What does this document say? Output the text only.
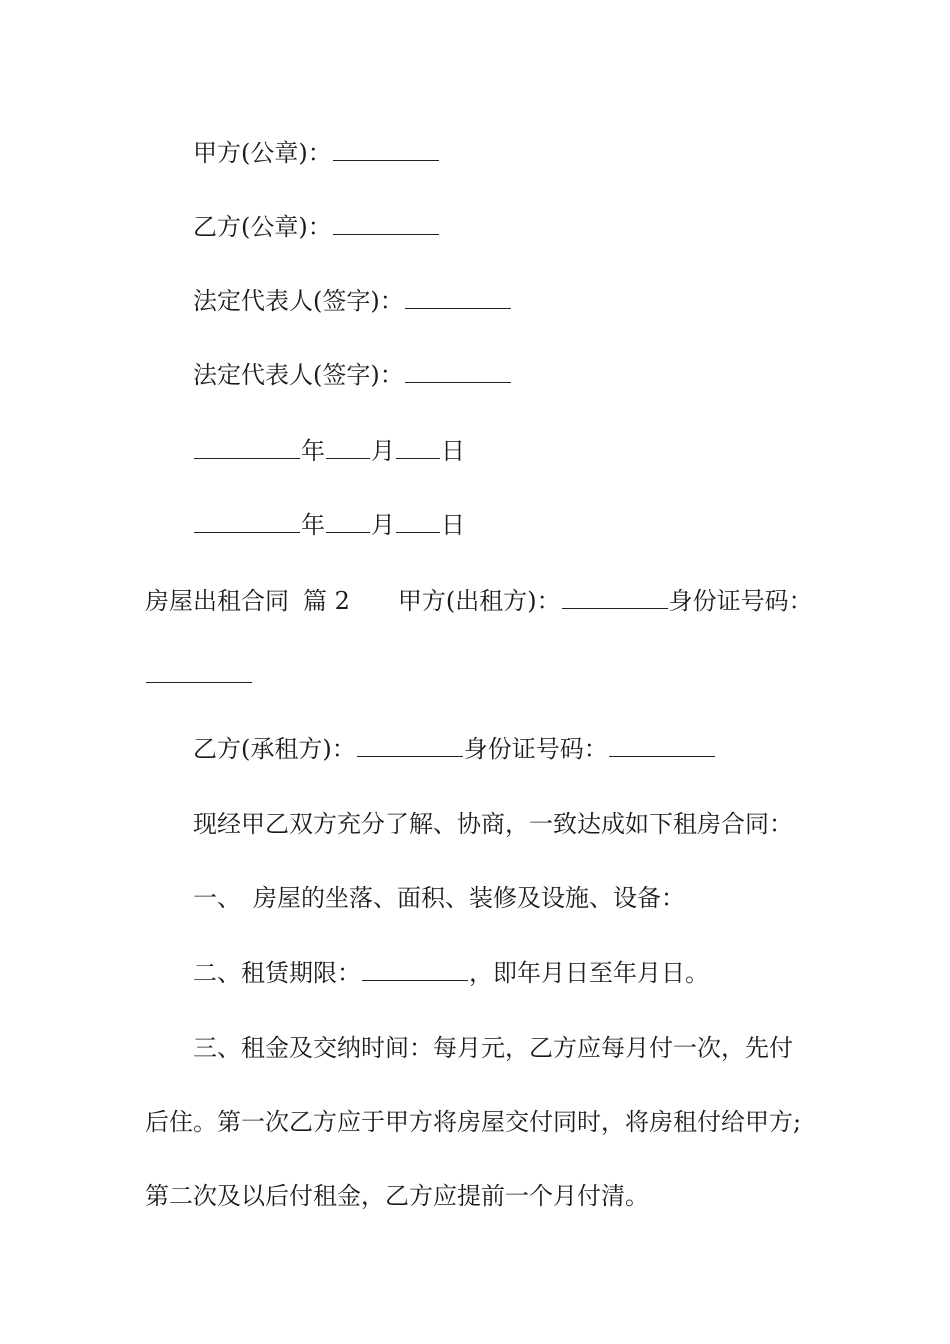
甲方(公章)：
乙方(公章)：
法定代表人(签字)：
法定代表人(签字)：
年 月 日
年 月 日
房屋出租合同 篇 2 甲方(出租方)：	身份证号码：
乙方(承租方)：	身份证号码：
现经甲乙双方充分了解、协商，一致达成如下租房合同：
一、 房屋的坐落、面积、装修及设施、设备：
二、租赁期限：	，即年月日至年月日。
三、租金及交纳时间：每月元，乙方应每月付一次，先付
后住。第一次乙方应于甲方将房屋交付同时，将房租付给甲方;
第二次及以后付租金，乙方应提前一个月付清。
